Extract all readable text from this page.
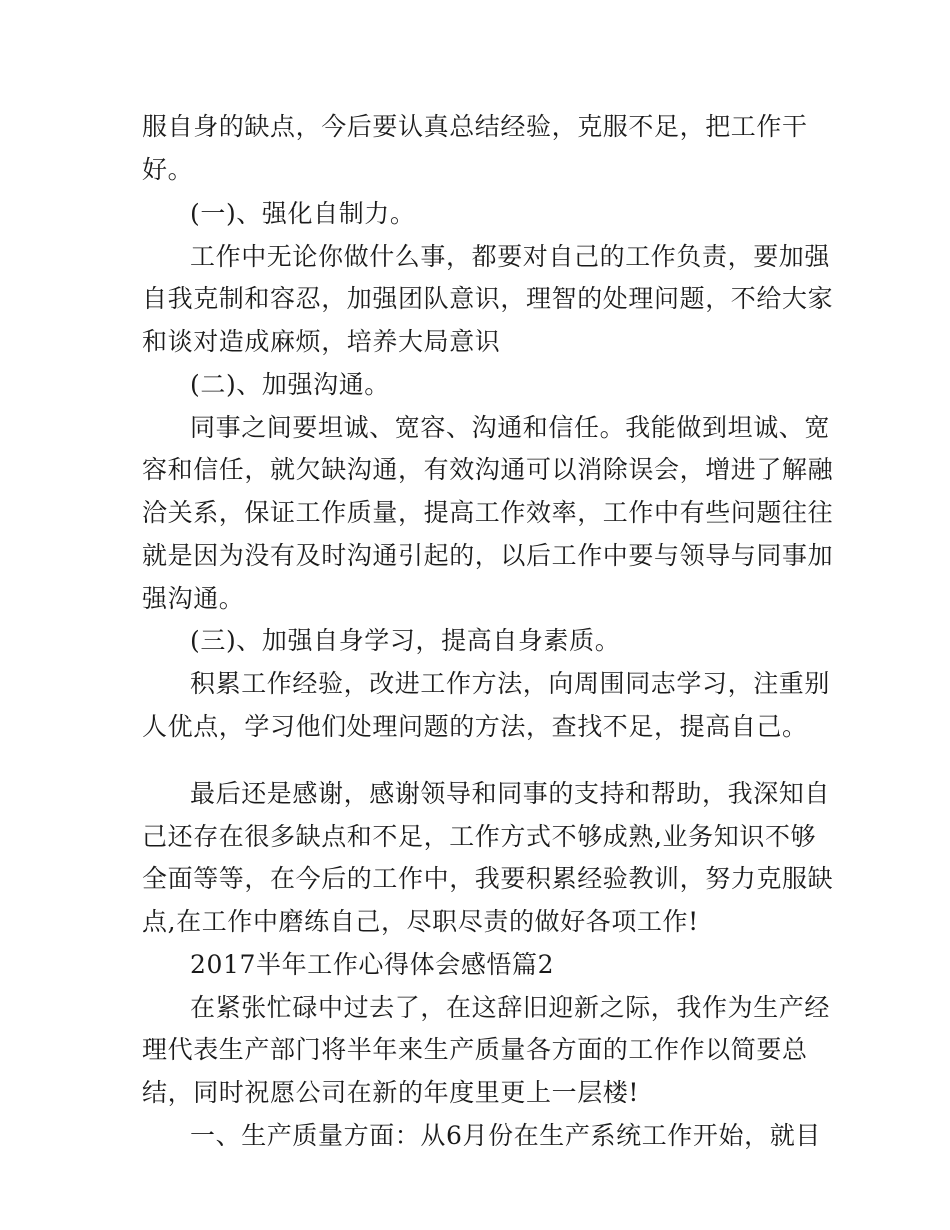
服自身的缺点，今后要认真总结经验，克服不足，把工作干
好。
(一)、强化自制力。
工作中无论你做什么事，都要对自己的工作负责，要加强
自我克制和容忍，加强团队意识，理智的处理问题，不给大家
和谈对造成麻烦，培养大局意识
(二)、加强沟通。
同事之间要坦诚、宽容、沟通和信任。我能做到坦诚、宽
容和信任，就欠缺沟通，有效沟通可以消除误会，增进了解融
洽关系，保证工作质量，提高工作效率，工作中有些问题往往
就是因为没有及时沟通引起的，以后工作中要与领导与同事加
强沟通。
(三)、加强自身学习，提高自身素质。
积累工作经验，改进工作方法，向周围同志学习，注重别
人优点，学习他们处理问题的方法，查找不足，提高自己。
最后还是感谢，感谢领导和同事的支持和帮助，我深知自
己还存在很多缺点和不足，工作方式不够成熟,业务知识不够
全面等等，在今后的工作中，我要积累经验教训，努力克服缺
点,在工作中磨练自己，尽职尽责的做好各项工作!
2017半年工作心得体会感悟篇2
在紧张忙碌中过去了，在这辞旧迎新之际，我作为生产经
理代表生产部门将半年来生产质量各方面的工作作以简要总
结，同时祝愿公司在新的年度里更上一层楼!
一、生产质量方面：从6月份在生产系统工作开始，就目
